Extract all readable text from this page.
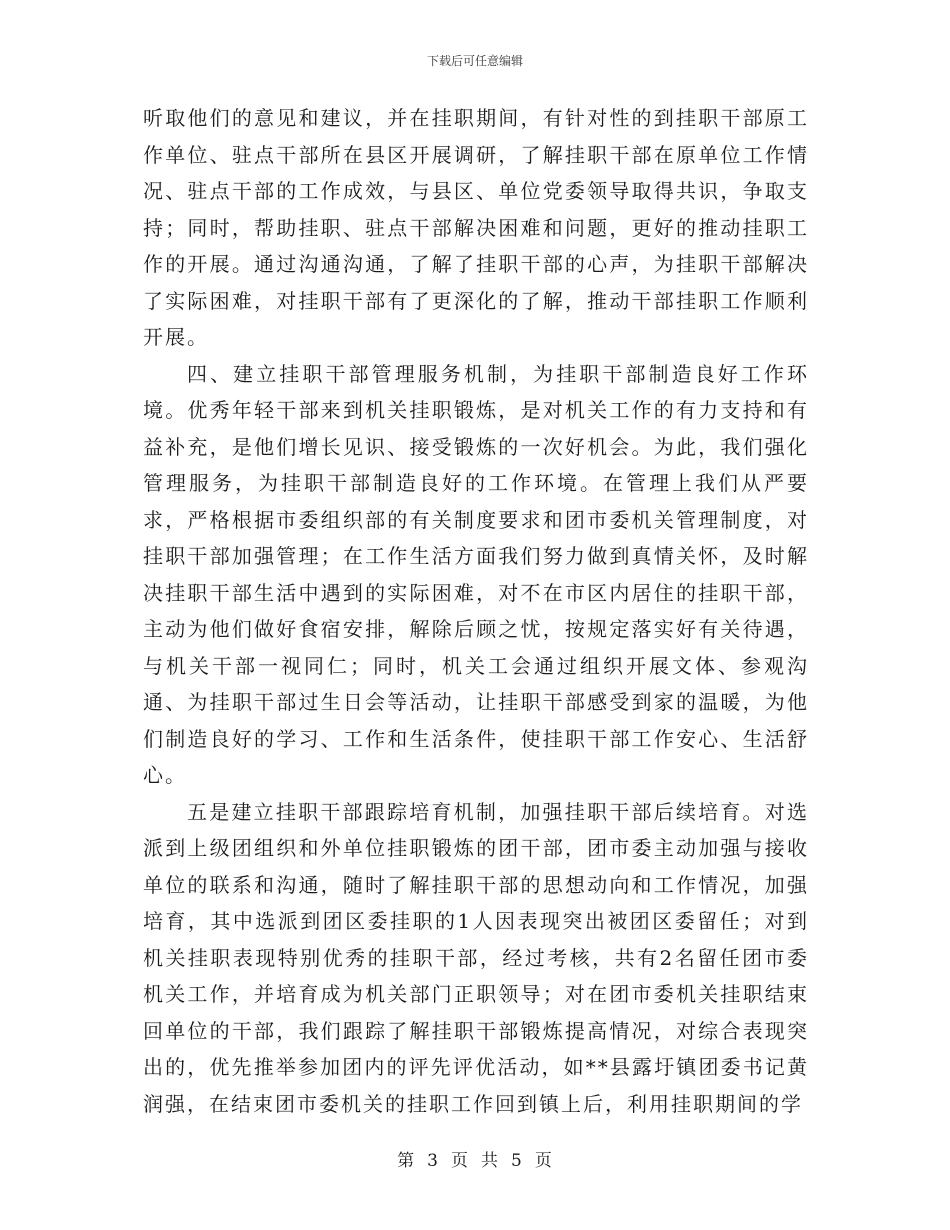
下载后可任意编辑

听取他们的意见和建议，并在挂职期间，有针对性的到挂职干部原工作单位、驻点干部所在县区开展调研，了解挂职干部在原单位工作情况、驻点干部的工作成效，与县区、单位党委领导取得共识，争取支持；同时，帮助挂职、驻点干部解决困难和问题，更好的推动挂职工作的开展。通过沟通沟通，了解了挂职干部的心声，为挂职干部解决了实际困难，对挂职干部有了更深化的了解，推动干部挂职工作顺利开展。

四、建立挂职干部管理服务机制，为挂职干部制造良好工作环境。优秀年轻干部来到机关挂职锻炼，是对机关工作的有力支持和有益补充，是他们增长见识、接受锻炼的一次好机会。为此，我们强化管理服务，为挂职干部制造良好的工作环境。在管理上我们从严要求，严格根据市委组织部的有关制度要求和团市委机关管理制度，对挂职干部加强管理；在工作生活方面我们努力做到真情关怀，及时解决挂职干部生活中遇到的实际困难，对不在市区内居住的挂职干部，主动为他们做好食宿安排，解除后顾之忧，按规定落实好有关待遇，与机关干部一视同仁；同时，机关工会通过组织开展文体、参观沟通、为挂职干部过生日会等活动，让挂职干部感受到家的温暖，为他们制造良好的学习、工作和生活条件，使挂职干部工作安心、生活舒心。

五是建立挂职干部跟踪培育机制，加强挂职干部后续培育。对选派到上级团组织和外单位挂职锻炼的团干部，团市委主动加强与接收单位的联系和沟通，随时了解挂职干部的思想动向和工作情况，加强培育，其中选派到团区委挂职的1人因表现突出被团区委留任；对到机关挂职表现特别优秀的挂职干部，经过考核，共有2名留任团市委机关工作，并培育成为机关部门正职领导；对在团市委机关挂职结束回单位的干部，我们跟踪了解挂职干部锻炼提高情况，对综合表现突出的，优先推举参加团内的评先评优活动，如**县露圩镇团委书记黄润强，在结束团市委机关的挂职工作回到镇上后，利用挂职期间的学

第 3 页 共 5 页
